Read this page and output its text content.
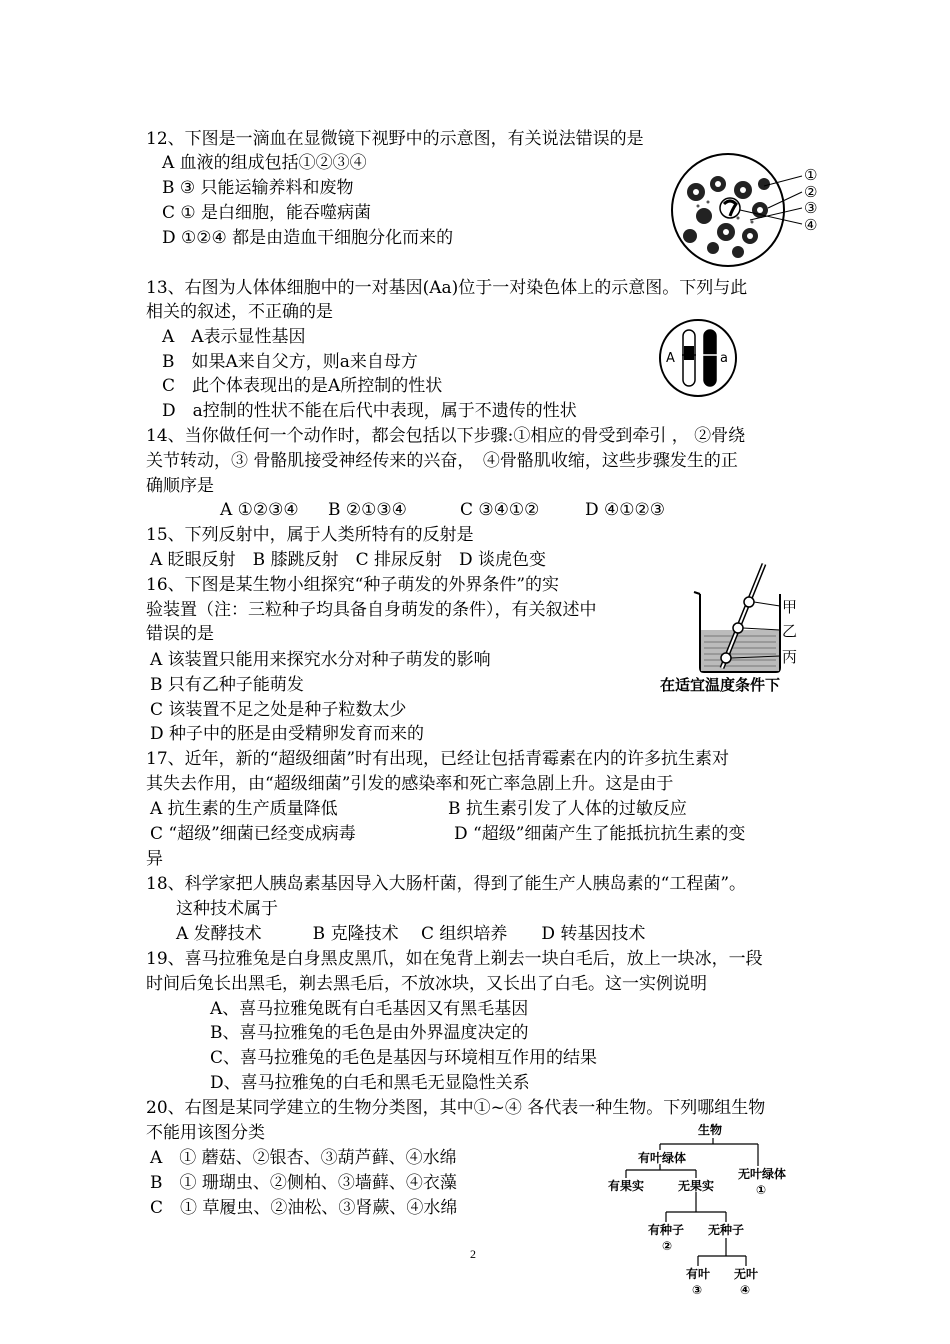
12、下图是一滴血在显微镜下视野中的示意图，有关说法错误的是
A 血液的组成包括①②③④
B ③ 只能运输养料和废物
C ① 是白细胞，能吞噬病菌
D ①②④ 都是由造血干细胞分化而来的
①
②
③
④
13、右图为人体体细胞中的一对基因(Aa)位于一对染色体上的示意图。下列与此
相关的叙述，不正确的是
A　A表示显性基因
B　如果A来自父方，则a来自母方
C　此个体表现出的是A所控制的性状
D　a控制的性状不能在后代中表现，属于不遗传的性状
A	a
14、当你做任何一个动作时，都会包括以下步骤:①相应的骨受到牵引 ， ②骨绕
关节转动，③ 骨骼肌接受神经传来的兴奋，　④骨骼肌收缩，这些步骤发生的正
确顺序是
A ①②③④ B ②①③④	C ③④①②	D ④①②③
15、下列反射中，属于人类所特有的反射是
A 眨眼反射　B 膝跳反射　C 排尿反射　D 谈虎色变
16、下图是某生物小组探究“种子萌发的外界条件”的实
验装置（注：三粒种子均具备自身萌发的条件），有关叙述中
错误的是
A 该装置只能用来探究水分对种子萌发的影响
B 只有乙种子能萌发
C 该装置不足之处是种子粒数太少
D 种子中的胚是由受精卵发育而来的
甲
乙
丙
在适宜温度条件下
17、近年，新的“超级细菌”时有出现，已经让包括青霉素在内的许多抗生素对
其失去作用，由“超级细菌”引发的感染率和死亡率急剧上升。这是由于
A 抗生素的生产质量降低	B 抗生素引发了人体的过敏反应
C “超级”细菌已经变成病毒	D “超级”细菌产生了能抵抗抗生素的变
异
18、科学家把人胰岛素基因导入大肠杆菌，得到了能生产人胰岛素的“工程菌”。
这种技术属于
A 发酵技术　　　B 克隆技术　 C 组织培养　　D 转基因技术
19、喜马拉雅兔是白身黑皮黑爪，如在兔背上剃去一块白毛后，放上一块冰，一段
时间后兔长出黑毛，剃去黑毛后，不放冰块，又长出了白毛。这一实例说明
A、喜马拉雅兔既有白毛基因又有黑毛基因
B、喜马拉雅兔的毛色是由外界温度决定的
C、喜马拉雅兔的毛色是基因与环境相互作用的结果
D、喜马拉雅兔的白毛和黑毛无显隐性关系
20、右图是某同学建立的生物分类图，其中①~④ 各代表一种生物。下列哪组生物
不能用该图分类
A　① 蘑菇、②银杏、③葫芦藓、④水绵
B　① 珊瑚虫、②侧柏、③墙藓、④衣藻
C　① 草履虫、②油松、③肾蕨、④水绵
生物
有叶绿体
无叶绿体
①
有果实	无果实
有种子
②
无种子
有叶
③
无叶
④
2
